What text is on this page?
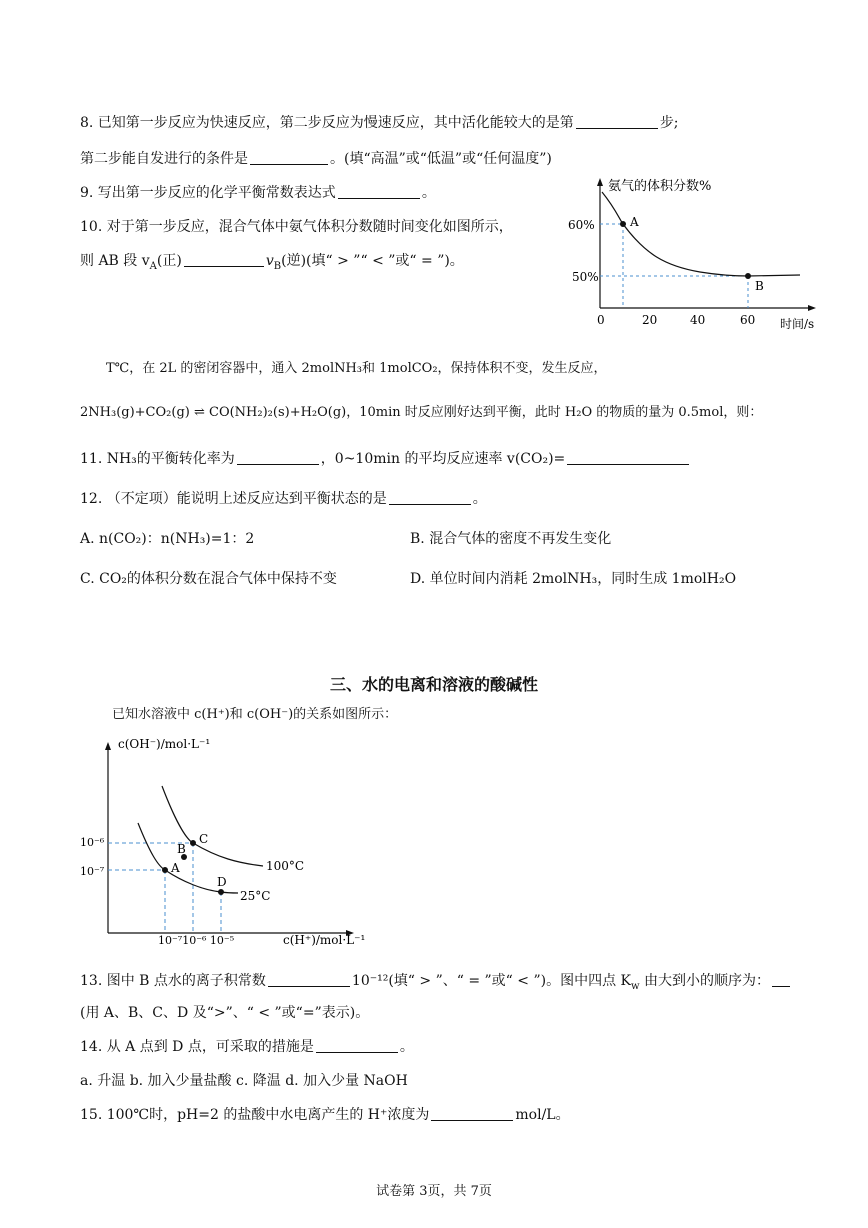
8. 已知第一步反应为快速反应，第二步反应为慢速反应，其中活化能较大的是第	步;
第二步能自发进行的条件是	。(填“高温”或“低温”或“任何温度”)
9. 写出第一步反应的化学平衡常数表达式	。
10. 对于第一步反应，混合气体中氨气体积分数随时间变化如图所示，
则 AB 段 $v_A$(正)	$v_B$(逆)(填“ > ”“ < ”或“ = ”)。
氨气的体积分数%
时间/s
60%
50%
0	20	40	60
A
B
T℃，在 2L 的密闭容器中，通入 2molNH₃和 1molCO₂，保持体积不变，发生反应，
2NH₃(g)+CO₂(g) ⇌ CO(NH₂)₂(s)+H₂O(g)，10min 时反应刚好达到平衡，此时 H₂O 的物质的量为 0.5mol，则：
11. NH₃的平衡转化率为	，0~10min 的平均反应速率 v(CO₂)=
12. （不定项）能说明上述反应达到平衡状态的是	。
A. n(CO₂)：n(NH₃)=1：2	B. 混合气体的密度不再发生变化
C. CO₂的体积分数在混合气体中保持不变	D. 单位时间内消耗 2molNH₃，同时生成 1molH₂O
三、水的电离和溶液的酸碱性
已知水溶液中 c(H⁺)和 c(OH⁻)的关系如图所示：
c(OH⁻)/mol·L⁻¹
c(H⁺)/mol·L⁻¹
10⁻⁶
10⁻⁷
10⁻⁷10⁻⁶ 10⁻⁵
100°C
25°C
A
B
C
D
13. 图中 B 点水的离子积常数	10⁻¹²(填“ > ”、“ = ”或“ < ”)。图中四点 $K_w$ 由大到小的顺序为：
(用 A、B、C、D 及“>”、“ < ”或“=”表示)。
14. 从 A 点到 D 点，可采取的措施是	。
a. 升温 b. 加入少量盐酸 c. 降温 d. 加入少量 NaOH
15. 100℃时，pH=2 的盐酸中水电离产生的 H⁺浓度为	mol/L。
试卷第 3页，共 7页
